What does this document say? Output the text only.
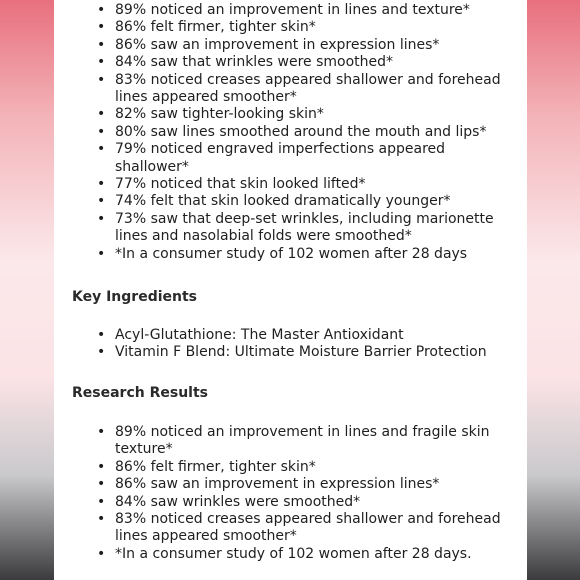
• 89% noticed an improvement in lines and texture*
• 86% felt firmer, tighter skin*
• 86% saw an improvement in expression lines*
• 84% saw that wrinkles were smoothed*
• 83% noticed creases appeared shallower and forehead
lines appeared smoother*
• 82% saw tighter-looking skin*
• 80% saw lines smoothed around the mouth and lips*
• 79% noticed engraved imperfections appeared
shallower*
• 77% noticed that skin looked lifted*
• 74% felt that skin looked dramatically younger*
• 73% saw that deep-set wrinkles, including marionette
lines and nasolabial folds were smoothed*
• *In a consumer study of 102 women after 28 days
Key Ingredients
• Acyl-Glutathione: The Master Antioxidant
• Vitamin F Blend: Ultimate Moisture Barrier Protection
Research Results
• 89% noticed an improvement in lines and fragile skin
texture*
• 86% felt firmer, tighter skin*
• 86% saw an improvement in expression lines*
• 84% saw wrinkles were smoothed*
• 83% noticed creases appeared shallower and forehead
lines appeared smoother*
• *In a consumer study of 102 women after 28 days.
